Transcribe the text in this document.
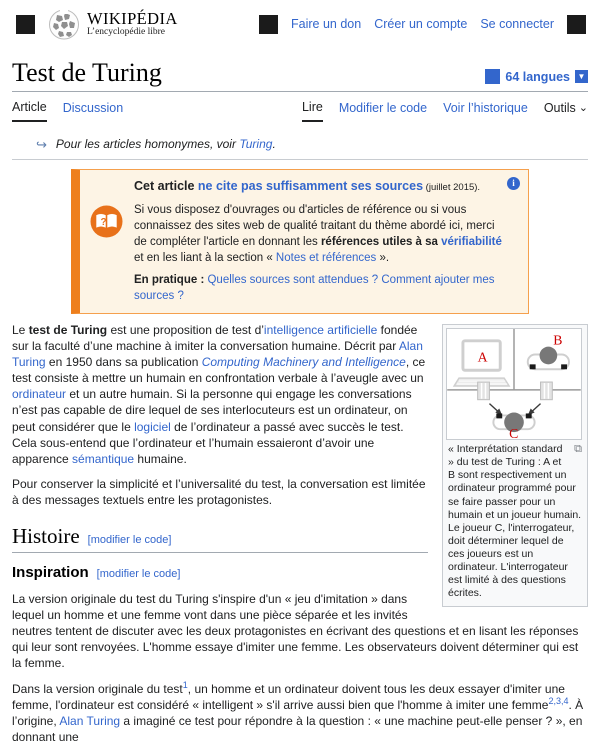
WIKIPÉDIA
L’encyclopédie libre
Faire un don Créer un compte Se connecter
Test de Turing	64 langues ▼
Article Discussion	Lire Modifier le code Voir l’historique Outils ⌄
↪ Pour les articles homonymes, voir Turing.
i
?
Cet article ne cite pas suffisamment ses sources (juillet 2015).

Si vous disposez d'ouvrages ou d'articles de référence ou si vous connaissez des sites web de qualité traitant du thème abordé ici, merci de compléter l'article en donnant les références utiles à sa vérifiabilité et en les liant à la section « Notes et références ».

En pratique : Quelles sources sont attendues ? Comment ajouter mes sources ?

A
B
C
⧉
« Interprétation standard » du test de Turing : A et B sont respectivement un ordinateur programmé pour se faire passer pour un humain et un joueur humain. Le joueur C, l'interrogateur, doit déterminer lequel de ces joueurs est un ordinateur. L'interrogateur est limité à des questions écrites.

Le test de Turing est une proposition de test d’intelligence artificielle fondée sur la faculté d’une machine à imiter la conversation humaine. Décrit par Alan Turing en 1950 dans sa publication Computing Machinery and Intelligence, ce test consiste à mettre un humain en confrontation verbale à l’aveugle avec un ordinateur et un autre humain. Si la personne qui engage les conversations n’est pas capable de dire lequel de ses interlocuteurs est un ordinateur, on peut considérer que le logiciel de l’ordinateur a passé avec succès le test. Cela sous-entend que l’ordinateur et l’humain essaieront d’avoir une apparence sémantique humaine.

Pour conserver la simplicité et l’universalité du test, la conversation est limitée à des messages textuels entre les protagonistes.

Histoire [modifier le code]
Inspiration [modifier le code]

La version originale du test du Turing s'inspire d'un « jeu d'imitation » dans lequel un homme et une femme vont dans une pièce séparée et les invités neutres tentent de discuter avec les deux protagonistes en écrivant des questions et en lisant les réponses qui leur sont renvoyées. L'homme essaye d'imiter une femme. Les observateurs doivent déterminer qui est la femme.

Dans la version originale du test$^1$, un homme et un ordinateur doivent tous les deux essayer d'imiter une femme, l'ordinateur est considéré « intelligent » s'il arrive aussi bien que l'homme à imiter une femme$^{2,3,4}$. À l’origine, Alan Turing a imaginé ce test pour répondre à la question : « une machine peut-elle penser ? », en donnant une
